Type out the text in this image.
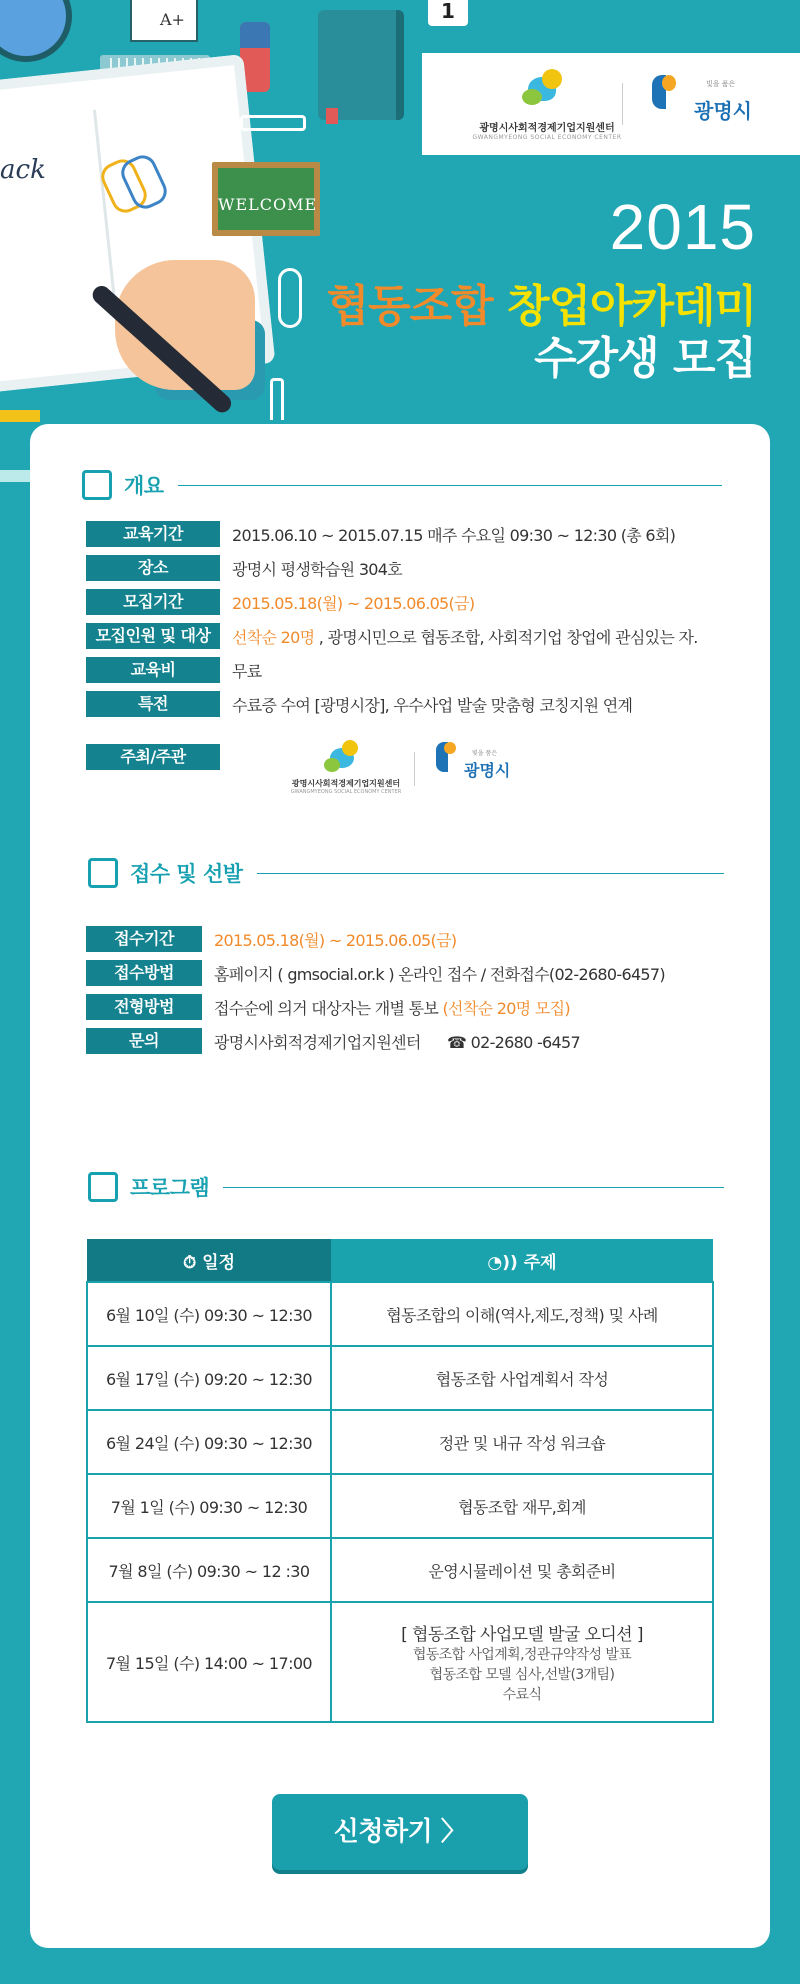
A+	1
ack
WELCOME
광명시사회적경제기업지원센터
GWANGMYEONG SOCIAL ECONOMY CENTER
빛을 품은
광명시
2015
협동조합 창업아카데미
수강생 모집
개요
교육기간	2015.06.10 ~ 2015.07.15 매주 수요일 09:30 ~ 12:30 (총 6회)
장소	광명시 평생학습원 304호
모집기간	2015.05.18(월) ~ 2015.06.05(금)
모집인원 및 대상	선착순 20명 , 광명시민으로 협동조합, 사회적기업 창업에 관심있는 자.
교육비	무료
특전	수료증 수여 [광명시장], 우수사업 발술 맞춤형 코칭지원 연계
주최/주관
광명시사회적경제기업지원센터
GWANGMYEONG SOCIAL ECONOMY CENTER
빛을 품은
광명시
접수 및 선발
접수기간	2015.05.18(월) ~ 2015.06.05(금)
접수방법	홈페이지 ( gmsocial.or.k ) 온라인 접수 / 전화접수(02-2680-6457)
전형방법	접수순에 의거 대상자는 개별 통보 (선착순 20명 모집)
문의	광명시사회적경제기업지원센터 ☎ 02-2680 -6457
프로그램
⏱ 일정	◔)) 주제
6월 10일 (수) 09:30 ~ 12:30	협동조합의 이해(역사,제도,정책) 및 사례
6월 17일 (수) 09:20 ~ 12:30	협동조합 사업계획서 작성
6월 24일 (수) 09:30 ~ 12:30	정관 및 내규 작성 워크숍
7월 1일 (수) 09:30 ~ 12:30	협동조합 재무,회계
7월 8일 (수) 09:30 ~ 12 :30	운영시뮬레이션 및 총회준비
7월 15일 (수) 14:00 ~ 17:00	[ 협동조합 사업모델 발굴 오디션 ]
협동조합 사업계획,정관규약작성 발표
협동조합 모델 심사,선발(3개팀)
수료식
신청하기 〉
